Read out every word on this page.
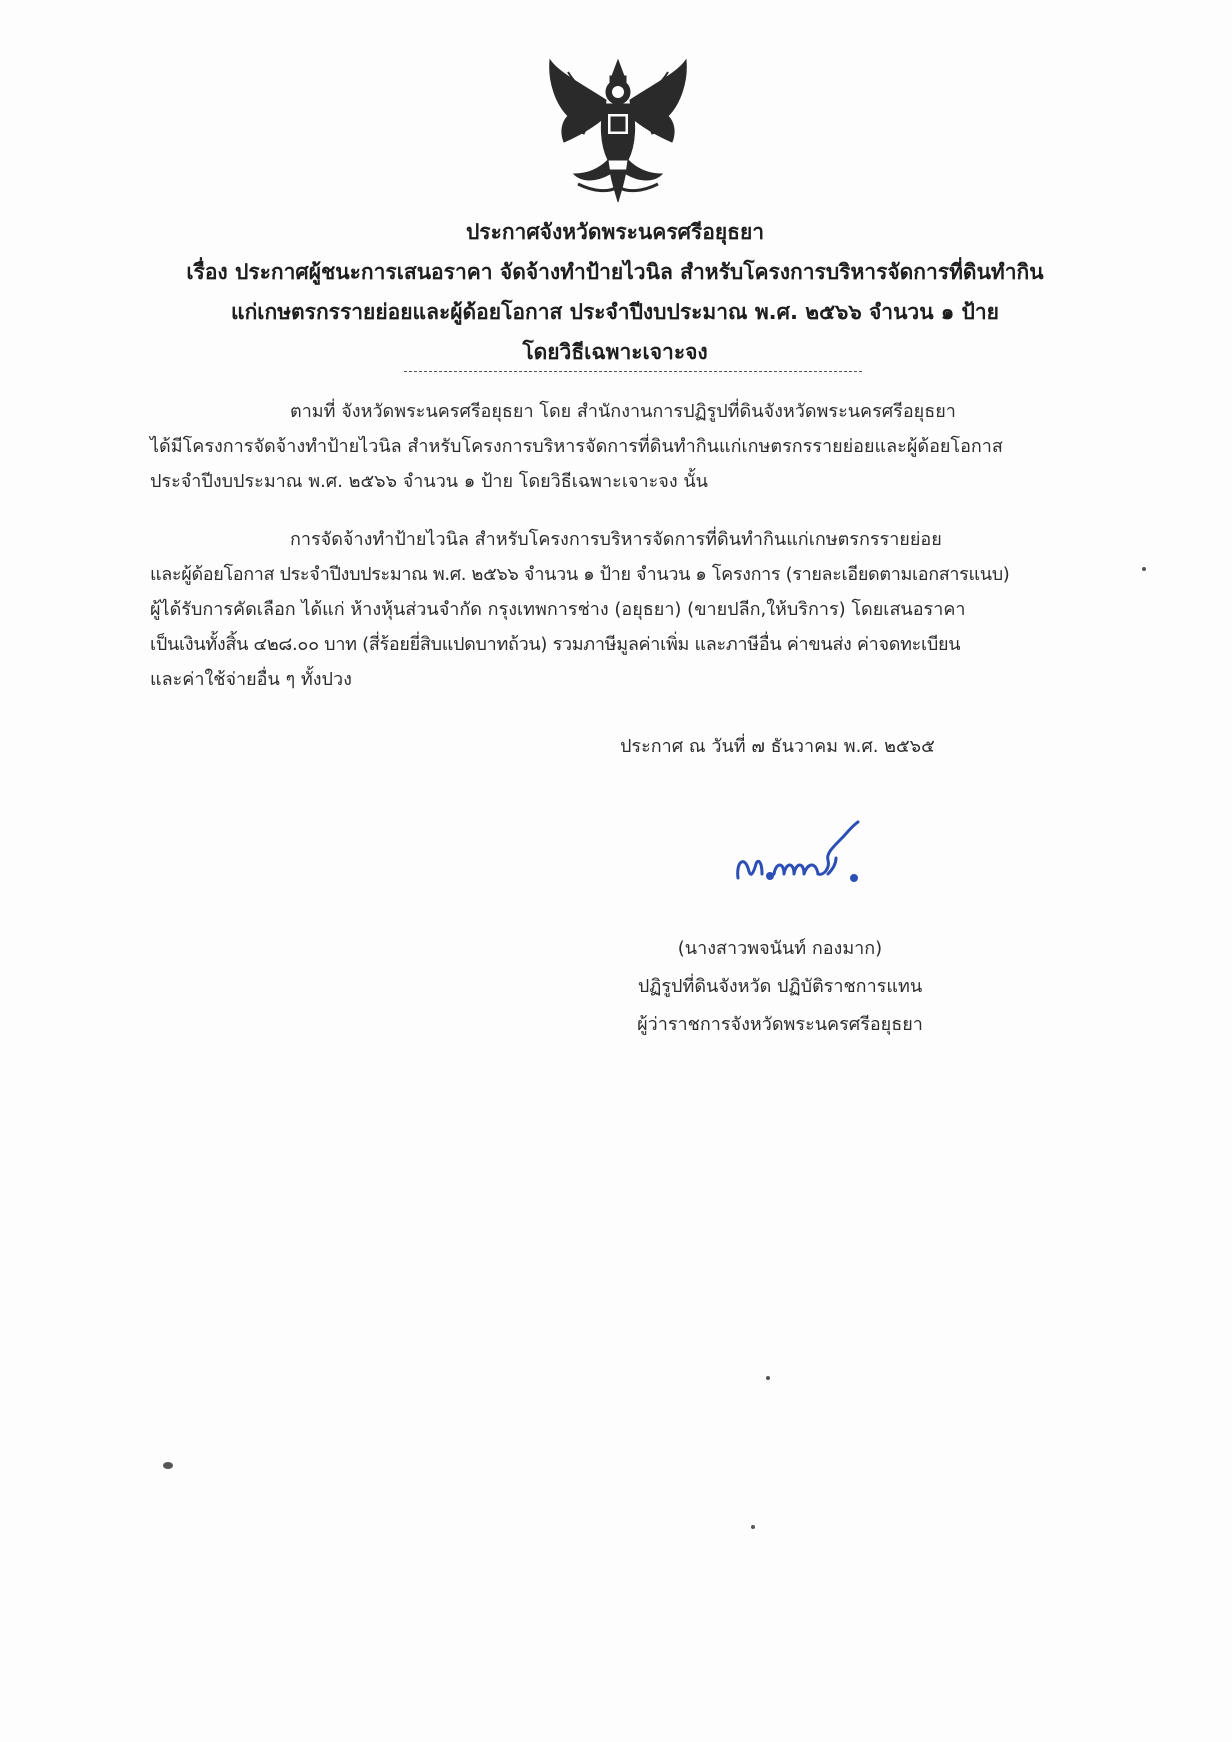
ประกาศจังหวัดพระนครศรีอยุธยา
เรื่อง ประกาศผู้ชนะการเสนอราคา จัดจ้างทำป้ายไวนิล สำหรับโครงการบริหารจัดการที่ดินทำกิน
แก่เกษตรกรรายย่อยและผู้ด้อยโอกาส ประจำปีงบประมาณ พ.ศ. ๒๕๖๖ จำนวน ๑ ป้าย
โดยวิธีเฉพาะเจาะจง
ตามที่ จังหวัดพระนครศรีอยุธยา โดย สำนักงานการปฏิรูปที่ดินจังหวัดพระนครศรีอยุธยา
ได้มีโครงการจัดจ้างทำป้ายไวนิล สำหรับโครงการบริหารจัดการที่ดินทำกินแก่เกษตรกรรายย่อยและผู้ด้อยโอกาส
ประจำปีงบประมาณ พ.ศ. ๒๕๖๖ จำนวน ๑ ป้าย โดยวิธีเฉพาะเจาะจง นั้น
การจัดจ้างทำป้ายไวนิล สำหรับโครงการบริหารจัดการที่ดินทำกินแก่เกษตรกรรายย่อย
และผู้ด้อยโอกาส ประจำปีงบประมาณ พ.ศ. ๒๕๖๖ จำนวน ๑ ป้าย จำนวน ๑ โครงการ (รายละเอียดตามเอกสารแนบ)
ผู้ได้รับการคัดเลือก ได้แก่ ห้างหุ้นส่วนจำกัด กรุงเทพการช่าง (อยุธยา) (ขายปลีก,ให้บริการ) โดยเสนอราคา
เป็นเงินทั้งสิ้น ๔๒๘.๐๐ บาท (สี่ร้อยยี่สิบแปดบาทถ้วน) รวมภาษีมูลค่าเพิ่ม และภาษีอื่น ค่าขนส่ง ค่าจดทะเบียน
และค่าใช้จ่ายอื่น ๆ ทั้งปวง
ประกาศ ณ วันที่ ๗ ธันวาคม พ.ศ. ๒๕๖๕
(นางสาวพจนันท์ กองมาก)
ปฏิรูปที่ดินจังหวัด ปฏิบัติราชการแทน
ผู้ว่าราชการจังหวัดพระนครศรีอยุธยา
